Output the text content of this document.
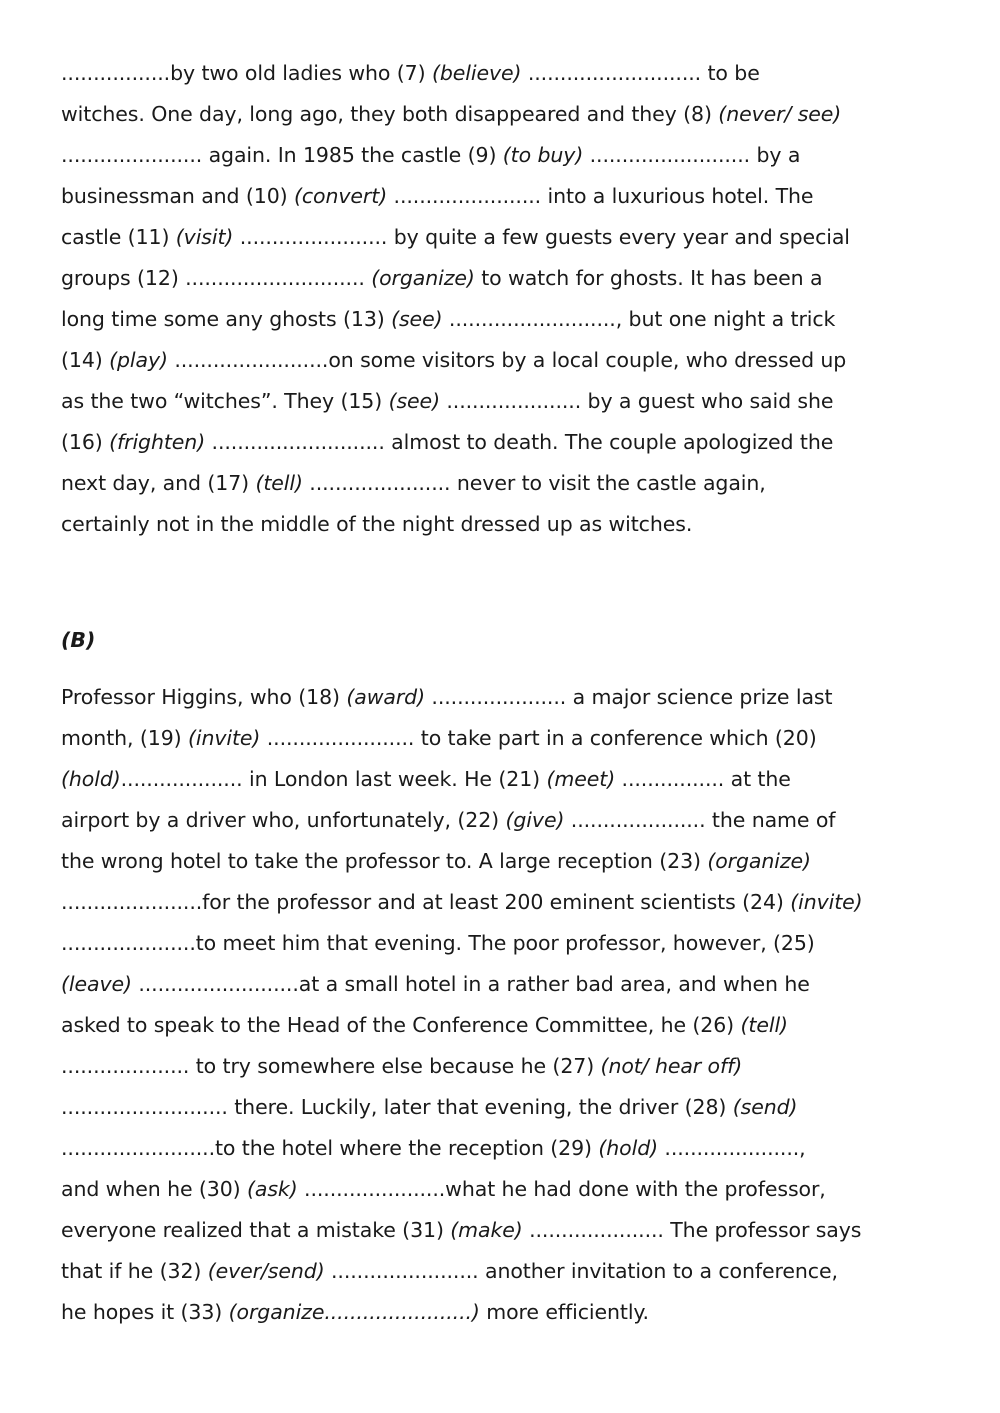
.................by two old ladies who (7) (believe) ........................... to be
witches. One day, long ago, they both disappeared and they (8) (never/ see)
...................... again. In 1985 the castle (9) (to buy) ......................... by a
businessman and (10) (convert) ....................... into a luxurious hotel. The
castle (11) (visit) ....................... by quite a few guests every year and special
groups (12) ............................ (organize) to watch for ghosts. It has been a
long time some any ghosts (13) (see) .........................., but one night a trick
(14) (play) ........................on some visitors by a local couple, who dressed up
as the two “witches”. They (15) (see) ..................... by a guest who said she
(16) (frighten) ........................... almost to death. The couple apologized the
next day, and (17) (tell) ...................... never to visit the castle again,
certainly not in the middle of the night dressed up as witches.
(B)
Professor Higgins, who (18) (award) ..................... a major science prize last
month, (19) (invite) ....................... to take part in a conference which (20)
(hold)................... in London last week. He (21) (meet) ................ at the
airport by a driver who, unfortunately, (22) (give) ..................... the name of
the wrong hotel to take the professor to. A large reception (23) (organize)
......................for the professor and at least 200 eminent scientists (24) (invite)
.....................to meet him that evening. The poor professor, however, (25)
(leave) .........................at a small hotel in a rather bad area, and when he
asked to speak to the Head of the Conference Committee, he (26) (tell)
.................... to try somewhere else because he (27) (not/ hear off)
.......................... there. Luckily, later that evening, the driver (28) (send)
........................to the hotel where the reception (29) (hold) .....................,
and when he (30) (ask) ......................what he had done with the professor,
everyone realized that a mistake (31) (make) ..................... The professor says
that if he (32) (ever/send) ....................... another invitation to a conference,
he hopes it (33) (organize.......................) more efficiently.
